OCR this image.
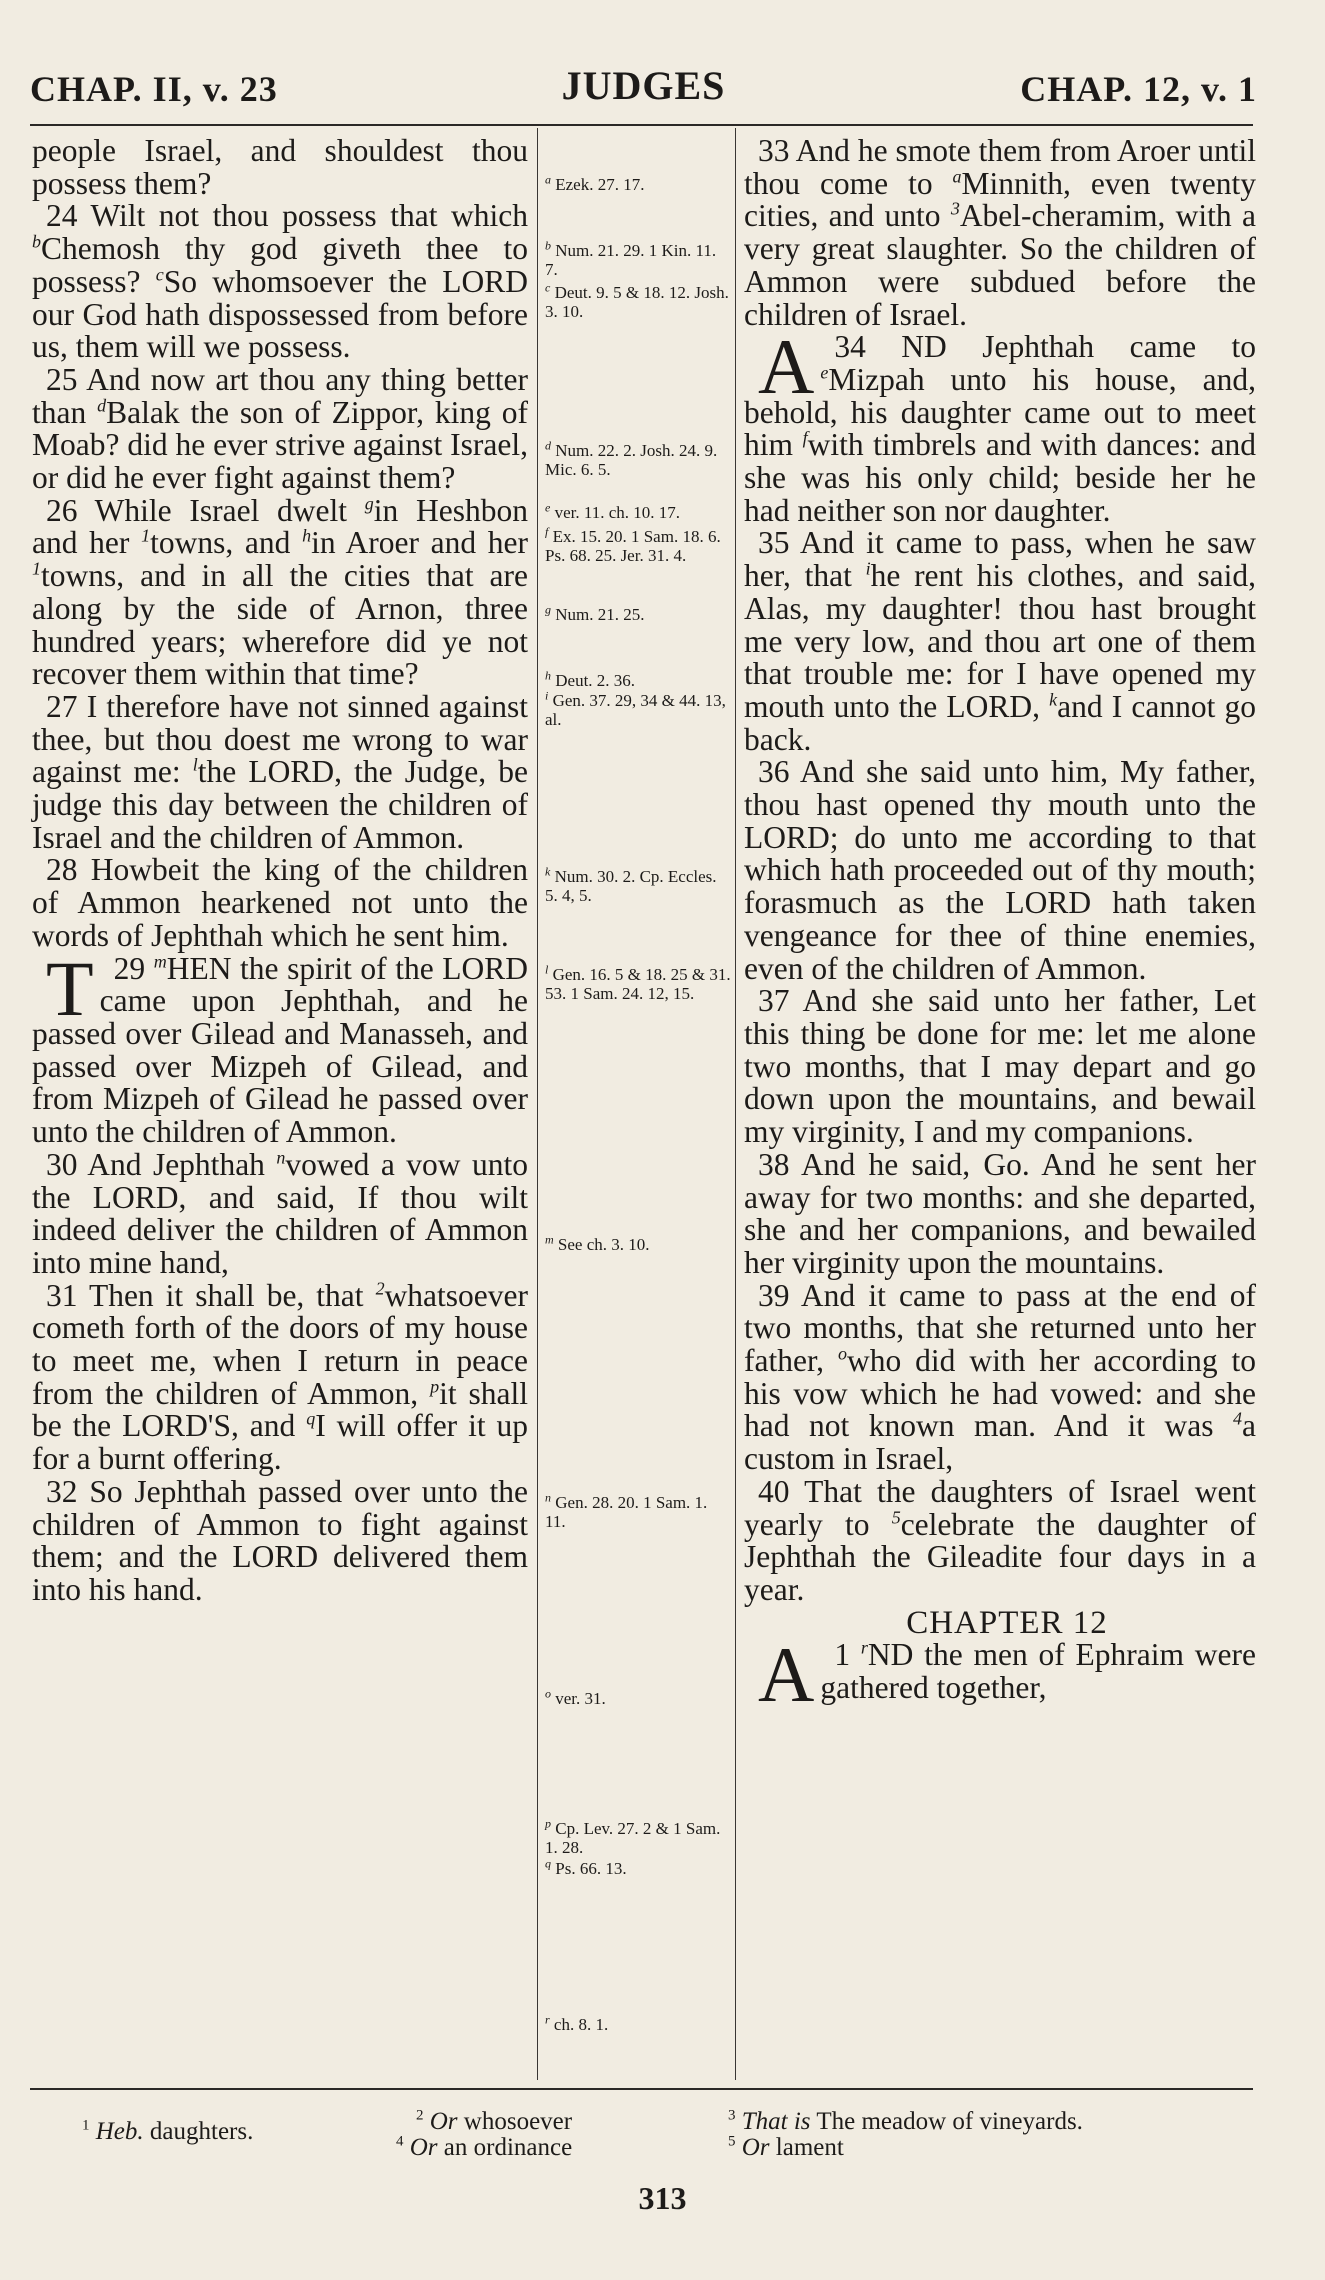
CHAP. II, v. 23	JUDGES	CHAP. 12, v. 1

people Israel, and shouldest thou possess them?

24 Wilt not thou possess that which $^b$Chemosh thy god giveth thee to possess? $^c$So whomsoever the LORD our God hath dispossessed from before us, them will we possess.

25 And now art thou any thing better than $^d$Balak the son of Zippor, king of Moab? did he ever strive against Israel, or did he ever fight against them?

26 While Israel dwelt $^g$in Heshbon and her $^1$towns, and $^h$in Aroer and her $^1$towns, and in all the cities that are along by the side of Arnon, three hundred years; wherefore did ye not recover them within that time?

27 I therefore have not sinned against thee, but thou doest me wrong to war against me: $^l$the LORD, the Judge, be judge this day between the children of Israel and the children of Ammon.

28 Howbeit the king of the children of Ammon hearkened not unto the words of Jephthah which he sent him.

29 $^m$
T HEN the spirit of the LORD came upon Jephthah, and he passed over Gilead and Manasseh, and passed over Mizpeh of Gilead, and from Mizpeh of Gilead he passed over unto the children of Ammon.

30 And Jephthah $^n$vowed a vow unto the LORD, and said, If thou wilt indeed deliver the children of Ammon into mine hand,

31 Then it shall be, that $^2$whatsoever cometh forth of the doors of my house to meet me, when I return in peace from the children of Ammon, $^p$it shall be the LORD'S, and $^q$I will offer it up for a burnt offering.

32 So Jephthah passed over unto the children of Ammon to fight against them; and the LORD delivered them into his hand.

$^a$ Ezek. 27. 17.
$^b$ Num. 21. 29. 1 Kin. 11. 7.
$^c$ Deut. 9. 5 & 18. 12. Josh. 3. 10.
$^d$ Num. 22. 2. Josh. 24. 9. Mic. 6. 5.
$^e$ ver. 11. ch. 10. 17.
$^f$ Ex. 15. 20. 1 Sam. 18. 6. Ps. 68. 25. Jer. 31. 4.
$^g$ Num. 21. 25.
$^h$ Deut. 2. 36.
$^i$ Gen. 37. 29, 34 & 44. 13, al.
$^k$ Num. 30. 2. Cp. Eccles. 5. 4, 5.
$^l$ Gen. 16. 5 & 18. 25 & 31. 53. 1 Sam. 24. 12, 15.
$^m$ See ch. 3. 10.
$^n$ Gen. 28. 20. 1 Sam. 1. 11.
$^o$ ver. 31.
$^p$ Cp. Lev. 27. 2 & 1 Sam. 1. 28.
$^q$ Ps. 66. 13.
$^r$ ch. 8. 1.

33 And he smote them from Aroer until thou come to $^a$Minnith, even twenty cities, and unto $^3$Abel-cheramim, with a very great slaughter. So the children of Ammon were subdued before the children of Israel.

34
A	ND Jephthah came to $^e$Mizpah unto his house, and, behold, his daughter came out to meet him $^f$with timbrels and with dances: and she was his only child; beside her he had neither son nor daughter.

35 And it came to pass, when he saw her, that $^i$he rent his clothes, and said, Alas, my daughter! thou hast brought me very low, and thou art one of them that trouble me: for I have opened my mouth unto the LORD, $^k$and I cannot go back.

36 And she said unto him, My father, thou hast opened thy mouth unto the LORD; do unto me according to that which hath proceeded out of thy mouth; forasmuch as the LORD hath taken vengeance for thee of thine enemies, even of the children of Ammon.

37 And she said unto her father, Let this thing be done for me: let me alone two months, that I may depart and go down upon the mountains, and bewail my virginity, I and my companions.

38 And he said, Go. And he sent her away for two months: and she departed, she and her companions, and bewailed her virginity upon the mountains.

39 And it came to pass at the end of two months, that she returned unto her father, $^o$who did with her according to his vow which he had vowed: and she had not known man. And it was $^4$a custom in Israel,

40 That the daughters of Israel went yearly to $^5$celebrate the daughter of Jephthah the Gileadite four days in a year.

CHAPTER 12

1 $^r$
A ND the men of Ephraim were gathered together,

$^1$ Heb. daughters.
$^2$ Or whosoever	$^3$ That is The meadow of vineyards.
$^4$ Or an ordinance	$^5$ Or lament
313
